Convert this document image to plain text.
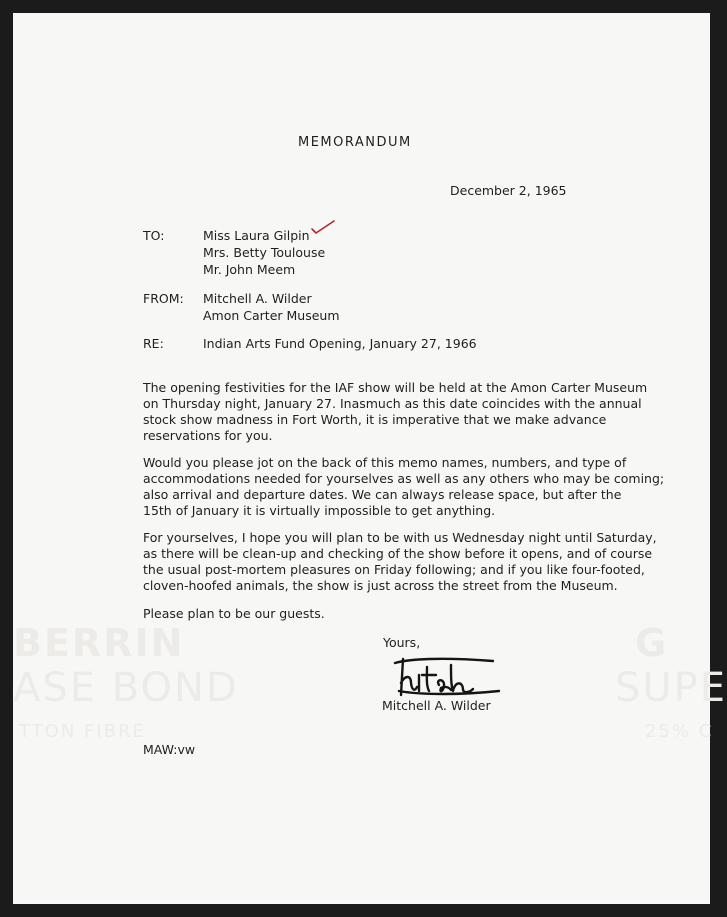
BERRIN
ASE BOND
TTON FIBRE
SUPE
G
25% C
MEMORANDUM
December 2, 1965
TO:	Miss Laura Gilpin
Mrs. Betty Toulouse
Mr. John Meem
FROM: Mitchell A. Wilder
Amon Carter Museum
RE:	Indian Arts Fund Opening, January 27, 1966
The opening festivities for the IAF show will be held at the Amon Carter Museum
on Thursday night, January 27. Inasmuch as this date coincides with the annual
stock show madness in Fort Worth, it is imperative that we make advance
reservations for you.
Would you please jot on the back of this memo names, numbers, and type of
accommodations needed for yourselves as well as any others who may be coming;
also arrival and departure dates. We can always release space, but after the
15th of January it is virtually impossible to get anything.
For yourselves, I hope you will plan to be with us Wednesday night until Saturday,
as there will be clean-up and checking of the show before it opens, and of course
the usual post-mortem pleasures on Friday following; and if you like four-footed,
cloven-hoofed animals, the show is just across the street from the Museum.
Please plan to be our guests.
Yours,
Mitchell A. Wilder
MAW:vw
